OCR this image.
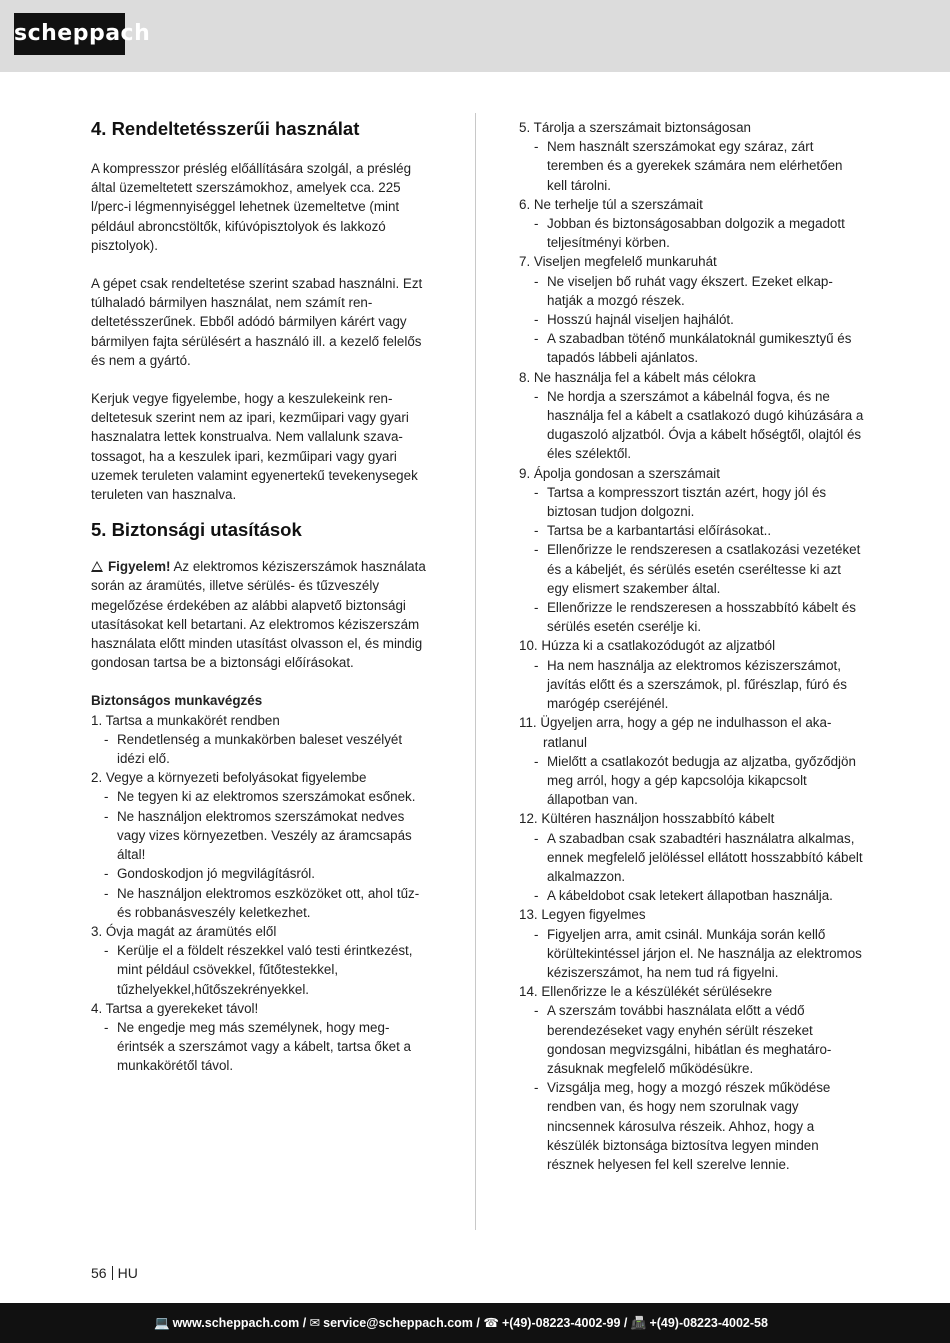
scheppach
4. Rendeltetésszerűi használat

A kompresszor préslég előállítására szolgál, a préslég által üzemeltetett szerszámokhoz, amelyek cca. 225 l/perc-i légmennyiséggel lehetnek üzemeltetve (mint például abroncstöltők, kifúvópisztolyok és lakkozó pisztolyok).

A gépet csak rendeltetése szerint szabad használni. Ezt túlhaladó bármilyen használat, nem számít rendeltetésszerűnek. Ebből adódó bármilyen kárért vagy bármilyen fajta sérülésért a használó ill. a kezelő felelős és nem a gyártó.

Kerjuk vegye figyelembe, hogy a keszulekeink rendeltetesuk szerint nem az ipari, kezműipari vagy gyari hasznalatra lettek konstrualva. Nem vallalunk szavatossagot, ha a keszulek ipari, kezműipari vagy gyari uzemek teruleten valamint egyenertekű tevekenysegek teruleten van hasznalva.

5. Biztonsági utasítások

Figyelem! Az elektromos kéziszerszámok használata során az áramütés, illetve sérülés- és tűzveszély megelőzése érdekében az alábbi alapvető biztonsági utasításokat kell betartani. Az elektromos kéziszerszám használata előtt minden utasítást olvasson el, és mindig gondosan tartsa be a biztonsági előírásokat.

Biztonságos munkavégzés

1. Tartsa a munkakörét rendben

- Rendetlenség a munkakörben baleset veszélyét idézi elő.

2. Vegye a környezeti befolyásokat figyelembe

- Ne tegyen ki az elektromos szerszámokat esőnek.
- Ne használjon elektromos szerszámokat nedves vagy vizes környezetben. Veszély az áramcsapás által!
- Gondoskodjon jó megvilágításról.
- Ne használjon elektromos eszközöket ott, ahol tűz- és robbanásveszély keletkezhet.

3. Óvja magát az áramütés elől

- Kerülje el a földelt részekkel való testi érintkezést, mint például csövekkel, fűtőtestekkel, tűzhelyekkel,hűtőszekrényekkel.

4. Tartsa a gyerekeket távol!

- Ne engedje meg más személynek, hogy megérintsék a szerszámot vagy a kábelt, tartsa őket a munkakörétől távol.

5. Tárolja a szerszámait biztonságosan

- Nem használt szerszámokat egy száraz, zárt teremben és a gyerekek számára nem elérhetően kell tárolni.

6. Ne terhelje túl a szerszámait

- Jobban és biztonságosabban dolgozik a megadott teljesítményi körben.

7. Viseljen megfelelő munkaruhát

- Ne viseljen bő ruhát vagy ékszert. Ezeket elkaphatják a mozgó részek.
- Hosszú hajnál viseljen hajhálót.
- A szabadban töténő munkálatoknál gumikesztyű és tapadós lábbeli ajánlatos.

8. Ne használja fel a kábelt más célokra

- Ne hordja a szerszámot a kábelnál fogva, és ne használja fel a kábelt a csatlakozó dugó kihúzására a dugaszoló aljzatból. Óvja a kábelt hőségtől, olajtól és éles szélektől.

9. Ápolja gondosan a szerszámait

- Tartsa a kompresszort tisztán azért, hogy jól és biztosan tudjon dolgozni.
- Tartsa be a karbantartási előírásokat..
- Ellenőrizze le rendszeresen a csatlakozási vezetéket és a kábeljét, és sérülés esetén cseréltesse ki azt egy elismert szakember által.
- Ellenőrizze le rendszeresen a hosszabbító kábelt és sérülés esetén cserélje ki.

10. Húzza ki a csatlakozódugót az aljzatból

- Ha nem használja az elektromos kéziszerszámot, javítás előtt és a szerszámok, pl. fűrészlap, fúró és marógép cseréjénél.

11. Ügyeljen arra, hogy a gép ne indulhasson el akaratlanul

- Mielőtt a csatlakozót bedugja az aljzatba, győződjön meg arról, hogy a gép kapcsolója kikapcsolt állapotban van.

12. Kültéren használjon hosszabbító kábelt

- A szabadban csak szabadtéri használatra alkalmas, ennek megfelelő jelöléssel ellátott hosszabbító kábelt alkalmazzon.
- A kábeldobot csak letekert állapotban használja.

13. Legyen figyelmes

- Figyeljen arra, amit csinál. Munkája során kellő körültekintéssel járjon el. Ne használja az elektromos kéziszerszámot, ha nem tud rá figyelni.

14. Ellenőrizze le a készülékét sérülésekre

- A szerszám további használata előtt a védő berendezéseket vagy enyhén sérült részeket gondosan megvizsgálni, hibátlan és meghatározásuknak megfelelő működésükre.
- Vizsgálja meg, hogy a mozgó részek működése rendben van, és hogy nem szorulnak vagy nincsennek károsulva részeik. Ahhoz, hogy a készülék biztonsága biztosítva legyen minden résznek helyesen fel kell szerelve lennie.
56 HU
💻 www.scheppach.com / ✉ service@scheppach.com / ☎ +(49)-08223-4002-99 / 📠 +(49)-08223-4002-58
